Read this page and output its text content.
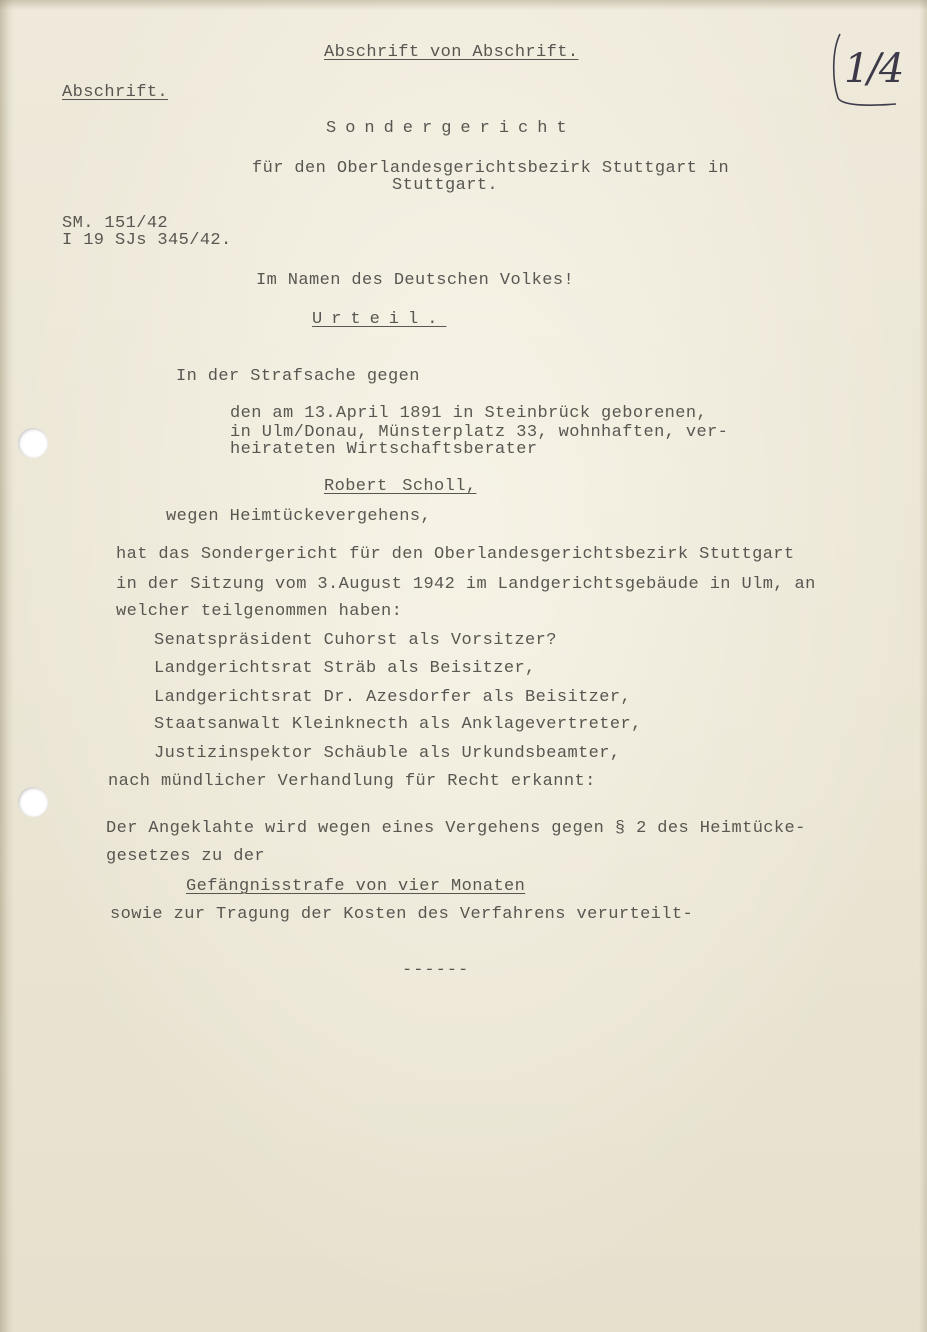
1/4
Abschrift von Abschrift.
Abschrift.
Sondergericht
für den Oberlandesgerichtsbezirk Stuttgart in
Stuttgart.
SM. 151/42
I 19 SJs 345/42.
Im Namen des Deutschen Volkes!
Urteil.
In der Strafsache gegen
den am 13.April 1891 in Steinbrück geborenen,
in Ulm/Donau, Münsterplatz 33, wohnhaften, ver-
heirateten Wirtschaftsberater
Robert Scholl,
wegen Heimtückevergehens,
hat das Sondergericht für den Oberlandesgerichtsbezirk Stuttgart
in der Sitzung vom 3.August 1942 im Landgerichtsgebäude in Ulm, an
welcher teilgenommen haben:
Senatspräsident Cuhorst als Vorsitzer?
Landgerichtsrat Sträb als Beisitzer,
Landgerichtsrat Dr. Azesdorfer als Beisitzer,
Staatsanwalt Kleinknecth als Anklagevertreter,
Justizinspektor Schäuble als Urkundsbeamter,
nach mündlicher Verhandlung für Recht erkannt:
Der Angeklahte wird wegen eines Vergehens gegen § 2 des Heimtücke-
gesetzes zu der
Gefängnisstrafe von vier Monaten
sowie zur Tragung der Kosten des Verfahrens verurteilt-
------
